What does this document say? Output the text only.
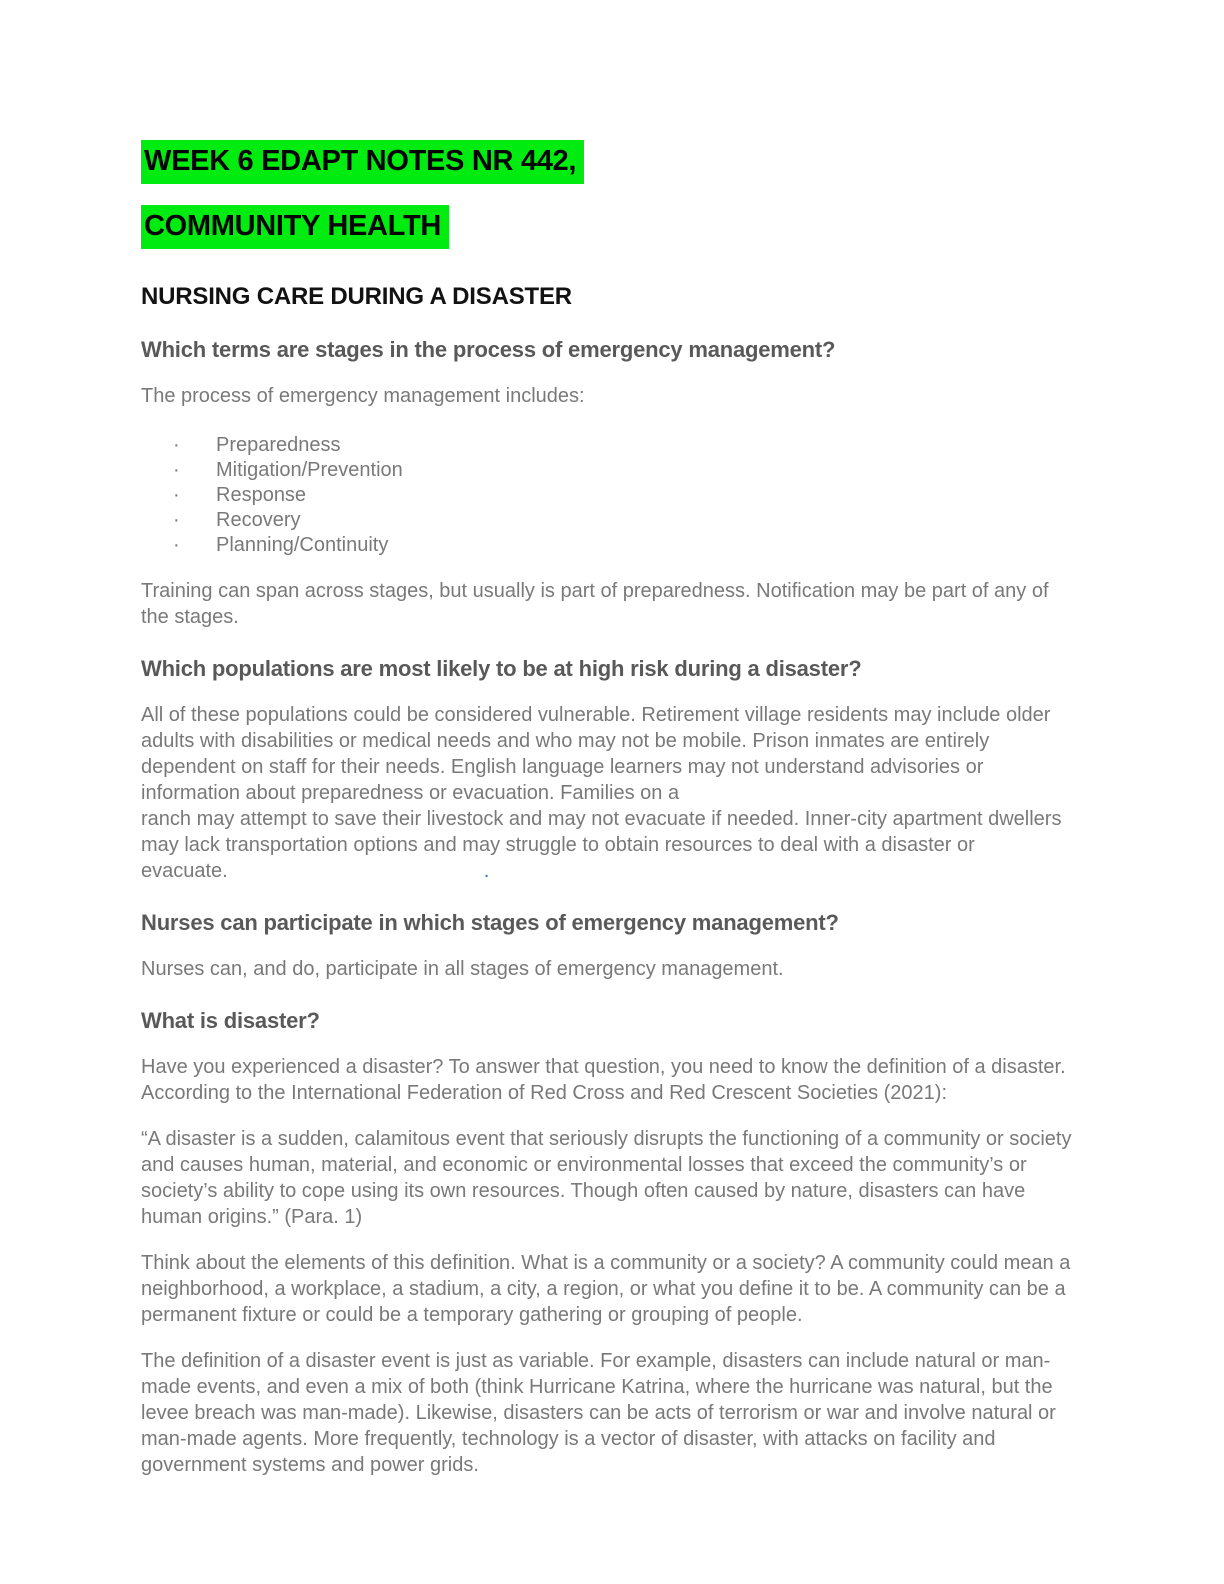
WEEK 6 EDAPT NOTES NR 442,
COMMUNITY HEALTH
NURSING CARE DURING A DISASTER
Which terms are stages in the process of emergency management?

The process of emergency management includes:

·	Preparedness
·	Mitigation/Prevention
·	Response
·	Recovery
·	Planning/Continuity

Training can span across stages, but usually is part of preparedness. Notification may be part of any of the stages.

Which populations are most likely to be at high risk during a disaster?

All of these populations could be considered vulnerable. Retirement village residents may include older adults with disabilities or medical needs and who may not be mobile. Prison inmates are entirely dependent on staff for their needs. English language learners may not understand advisories or information about preparedness or evacuation. Families on a
ranch may attempt to save their livestock and may not evacuate if needed. Inner-city apartment dwellers may lack transportation options and may struggle to obtain resources to deal with a disaster or evacuate.	.

Nurses can participate in which stages of emergency management?

Nurses can, and do, participate in all stages of emergency management.

What is disaster?

Have you experienced a disaster? To answer that question, you need to know the definition of a disaster. According to the International Federation of Red Cross and Red Crescent Societies (2021):

“A disaster is a sudden, calamitous event that seriously disrupts the functioning of a community or society and causes human, material, and economic or environmental losses that exceed the community’s or society’s ability to cope using its own resources. Though often caused by nature, disasters can have human origins.” (Para. 1)

Think about the elements of this definition. What is a community or a society? A community could mean a neighborhood, a workplace, a stadium, a city, a region, or what you define it to be. A community can be a permanent fixture or could be a temporary gathering or grouping of people.

The definition of a disaster event is just as variable. For example, disasters can include natural or man-made events, and even a mix of both (think Hurricane Katrina, where the hurricane was natural, but the levee breach was man-made). Likewise, disasters can be acts of terrorism or war and involve natural or man-made agents. More frequently, technology is a vector of disaster, with attacks on facility and government systems and power grids.
